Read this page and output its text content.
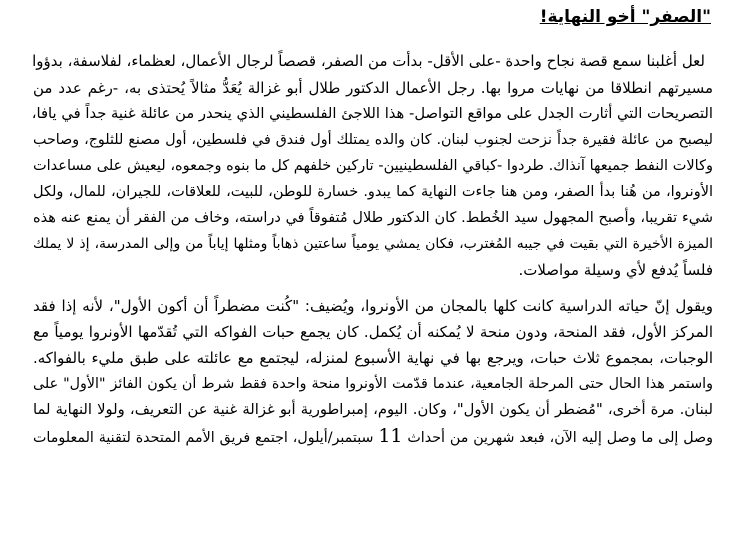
"الصفر" أخو النهاية!
لعل أغلبنا سمع قصة نجاح واحدة -على الأقل- بدأت من الصفر، قصصاً لرجال الأعمال، لعظماء، لفلاسفة، بدؤوا
مسيرتهم انطلاقا من نهايات مروا بها. رجل الأعمال الدكتور طلال أبو غزالة يُعَدُّ مثالاً يُحتذى به، -رغم عدد من
التصريحات التي أثارت الجدل على مواقع التواصل- هذا اللاجئ الفلسطيني الذي ينحدر من عائلة غنية جداً في يافا،
ليصبح من عائلة فقيرة جداً نزحت لجنوب لبنان. كان والده يمتلك أول فندق في فلسطين، أول مصنع للثلوج، وصاحب
وكالات النفط جميعها آنذاك. طردوا -كباقي الفلسطينيين- تاركين خلفهم كل ما بنوه وجمعوه، ليعيش على مساعدات
الأونروا، من هُنا بدأ الصفر، ومن هنا جاءت النهاية كما يبدو. خسارة للوطن، للبيت، للعلاقات، للجيران، للمال، ولكل
شيء تقريبا، وأصبح المجهول سيد الخُطط. كان الدكتور طلال مُتفوقاً في دراسته، وخاف من الفقر أن يمنع عنه هذه
الميزة الأخيرة التي بقيت في جيبه المُغترب، فكان يمشي يومياً ساعتين ذهاباً ومثلها إياباً من وإلى المدرسة، إذ لا يملك
فلساً يُدفع لأي وسيلة مواصلات.
ويقول إنّ حياته الدراسية كانت كلها بالمجان من الأونروا، ويُضيف: "كُنت مضطراً أن أكون الأول"، لأنه إذا فقد
المركز الأول، فقد المنحة، ودون منحة لا يُمكنه أن يُكمل. كان يجمع حبات الفواكه التي تُقدّمها الأونروا يومياً مع
الوجبات، بمجموع ثلاث حبات، ويرجع بها في نهاية الأسبوع لمنزله، ليجتمع مع عائلته على طبق مليء بالفواكه.
واستمر هذا الحال حتى المرحلة الجامعية، عندما قدّمت الأونروا منحة واحدة فقط شرط أن يكون الفائز "الأول" على
لبنان. مرة أخرى، "مُضطر أن يكون الأول"، وكان. اليوم، إمبراطورية أبو غزالة غنية عن التعريف، ولولا النهاية لما
وصل إلى ما وصل إليه الآن، فبعد شهرين من أحداث 11 سبتمبر/أيلول، اجتمع فريق الأمم المتحدة لتقنية المعلومات
